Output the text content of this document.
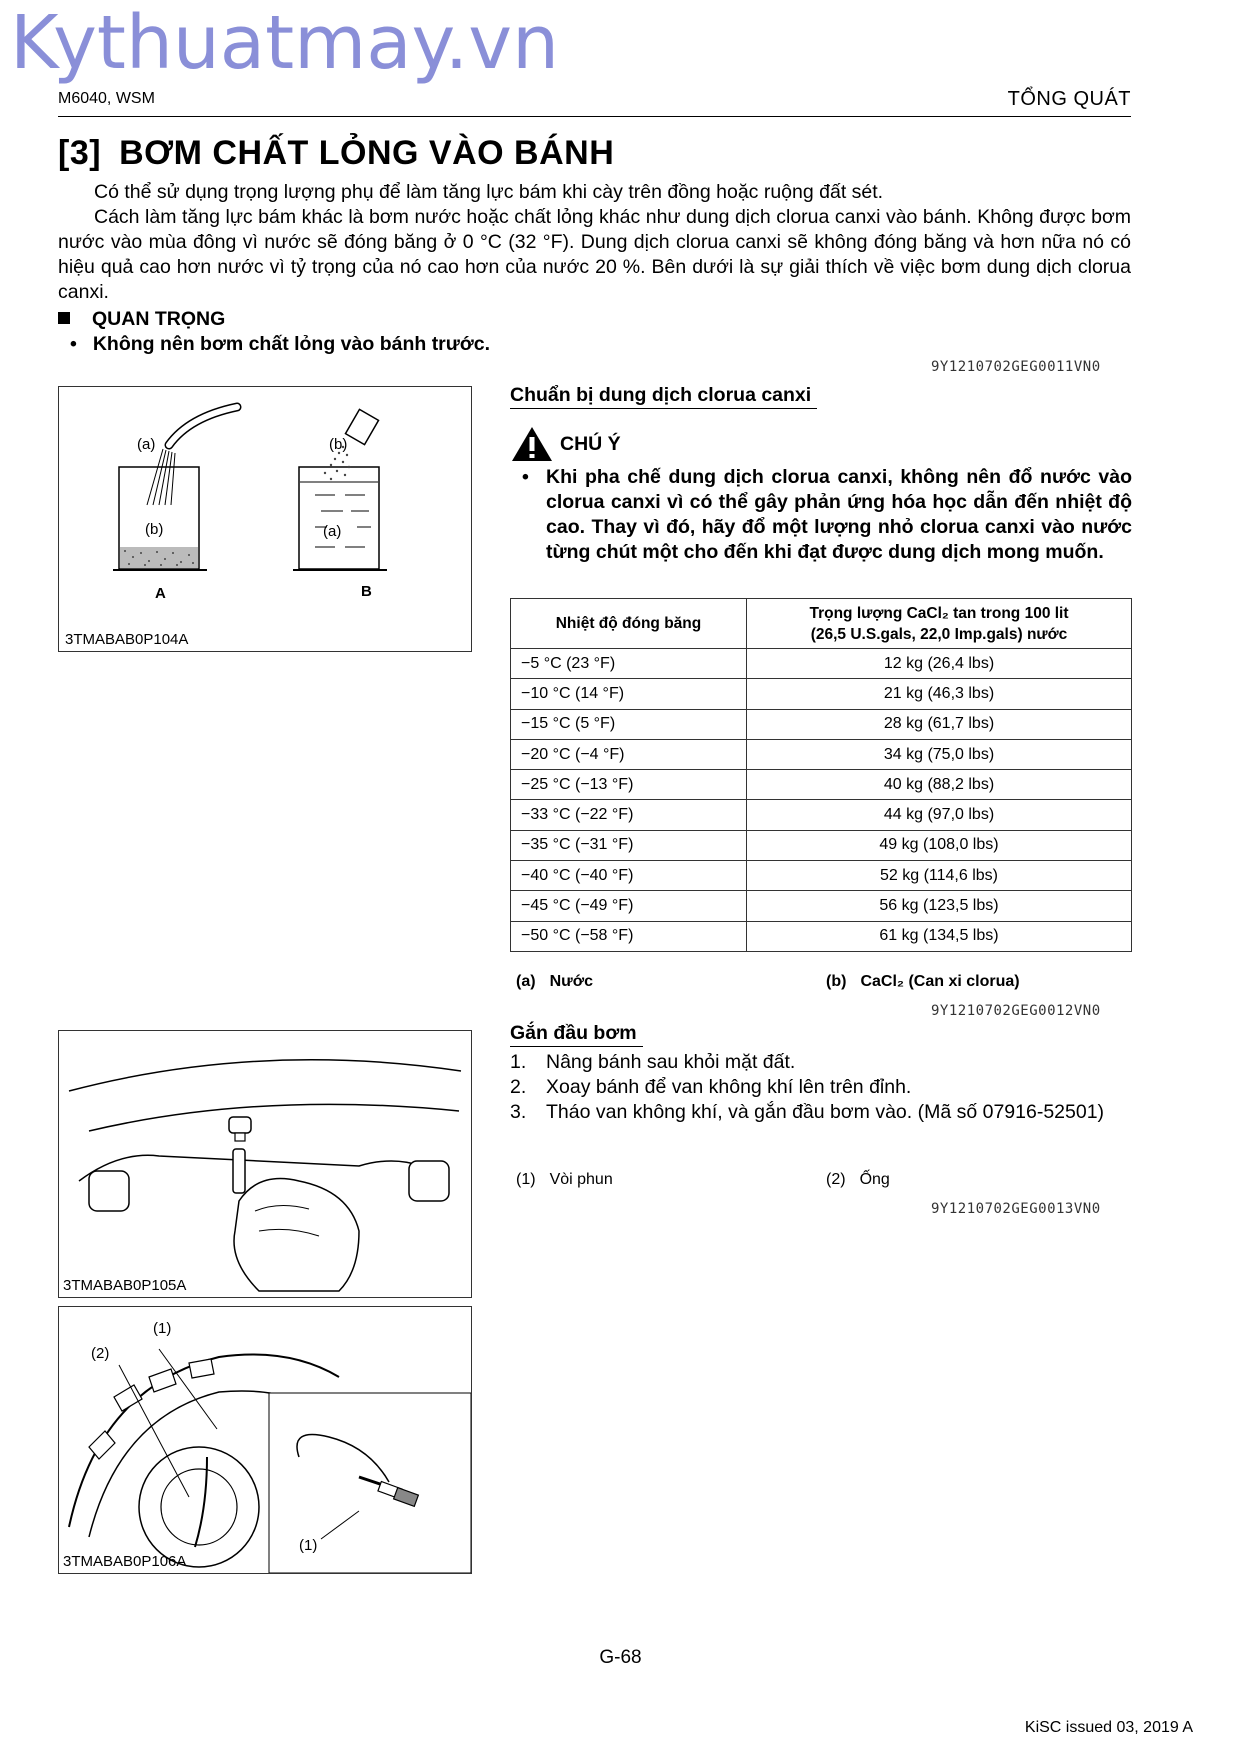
Kythuatmay.vn
M6040, WSM	TỔNG QUÁT
[3] BƠM CHẤT LỎNG VÀO BÁNH

Có thể sử dụng trọng lượng phụ để làm tăng lực bám khi cày trên đồng hoặc ruộng đất sét.

Cách làm tăng lực bám khác là bơm nước hoặc chất lỏng khác như dung dịch clorua canxi vào bánh. Không được bơm nước vào mùa đông vì nước sẽ đóng băng ở 0 °C (32 °F). Dung dịch clorua canxi sẽ không đóng băng và hơn nữa nó có hiệu quả cao hơn nước vì tỷ trọng của nó cao hơn của nước 20 %. Bên dưới là sự giải thích về việc bơm dung dịch clorua canxi.

QUAN TRỌNG
• Không nên bơm chất lỏng vào bánh trước.
9Y1210702GEG0011VN0
(a)	(b)
(b)	(a)
A	B
3TMABAB0P104A
Chuẩn bị dung dịch clorua canxi
CHÚ Ý
• Khi pha chế dung dịch clorua canxi, không nên đổ nước vào clorua canxi vì có thể gây phản ứng hóa học dẫn đến nhiệt độ cao. Thay vì đó, hãy đổ một lượng nhỏ clorua canxi vào nước từng chút một cho đến khi đạt được dung dịch mong muốn.
Nhiệt độ đóng băng	Trọng lượng CaCl₂ tan trong 100 lit
(26,5 U.S.gals, 22,0 Imp.gals) nước
−5 °C (23 °F)	12 kg (26,4 lbs)
−10 °C (14 °F)	21 kg (46,3 lbs)
−15 °C (5 °F)	28 kg (61,7 lbs)
−20 °C (−4 °F)	34 kg (75,0 lbs)
−25 °C (−13 °F)	40 kg (88,2 lbs)
−33 °C (−22 °F)	44 kg (97,0 lbs)
−35 °C (−31 °F)	49 kg (108,0 lbs)
−40 °C (−40 °F)	52 kg (114,6 lbs)
−45 °C (−49 °F)	56 kg (123,5 lbs)
−50 °C (−58 °F)	61 kg (134,5 lbs)
(a) Nước	(b) CaCl₂ (Can xi clorua)
9Y1210702GEG0012VN0
3TMABAB0P105A
(1)
(2)
(1)
3TMABAB0P106A
Gắn đầu bơm
1.	Nâng bánh sau khỏi mặt đất.
2.	Xoay bánh để van không khí lên trên đỉnh.
3.	Tháo van không khí, và gắn đầu bơm vào. (Mã số 07916-52501)
(1) Vòi phun	(2) Ống
9Y1210702GEG0013VN0
G-68
KiSC issued 03, 2019 A
